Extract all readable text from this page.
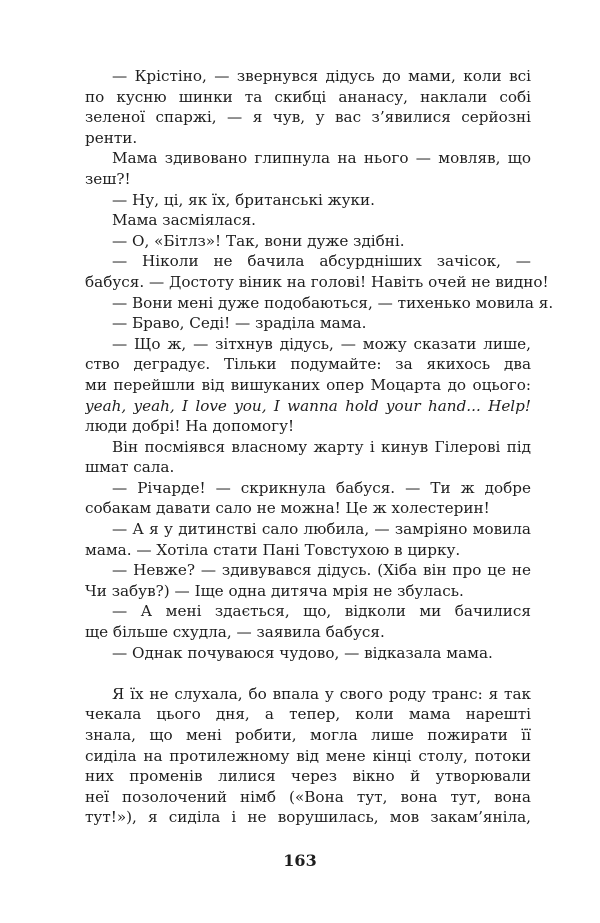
— Крістіно, — звернувся дідусь до мами, коли всі
по кусню шинки та скибці ананасу, наклали собі
зеленої спаржі, — я чув, у вас з’явилися серйозні
ренти.
Мама здивовано глипнула на нього — мовляв, що
зеш?!
— Ну, ці, як їх, британські жуки.
Мама засміялася.
— О, «Бітлз»! Так, вони дуже здібні.
— Ніколи не бачила абсурдніших зачісок, —
бабуся. — Достоту віник на голові! Навіть очей не видно!
— Вони мені дуже подобаються, — тихенько мовила я.
— Браво, Седі! — зраділа мама.
— Що ж, — зітхнув дідусь, — можу сказати лише,
ство деградує. Тільки подумайте: за якихось два
ми перейшли від вишуканих опер Моцарта до оцього:
yeah, yeah, I love you, I wanna hold your hand... Help!
люди добрі! На допомогу!
Він посміявся власному жарту і кинув Гілерові під
шмат сала.
— Річарде! — скрикнула бабуся. — Ти ж добре
собакам давати сало не можна! Це ж холестерин!
— А я у дитинстві сало любила, — замріяно мовила
мама. — Хотіла стати Пані Товстухою в цирку.
— Невже? — здивувався дідусь. (Хіба він про це не
Чи забув?) — Іще одна дитяча мрія не збулась.
— А мені здається, що, відколи ми бачилися
ще більше схудла, — заявила бабуся.
— Однак почуваюся чудово, — відказала мама.
Я їх не слухала, бо впала у свого роду транс: я так
чекала цього дня, а тепер, коли мама нарешті
знала, що мені робити, могла лише пожирати її
сиділа на протилежному від мене кінці столу, потоки
них променів лилися через вікно й утворювали
неї позолочений німб («Вона тут, вона тут, вона
тут!»), я сиділа і не ворушилась, мов закам’яніла,
163
